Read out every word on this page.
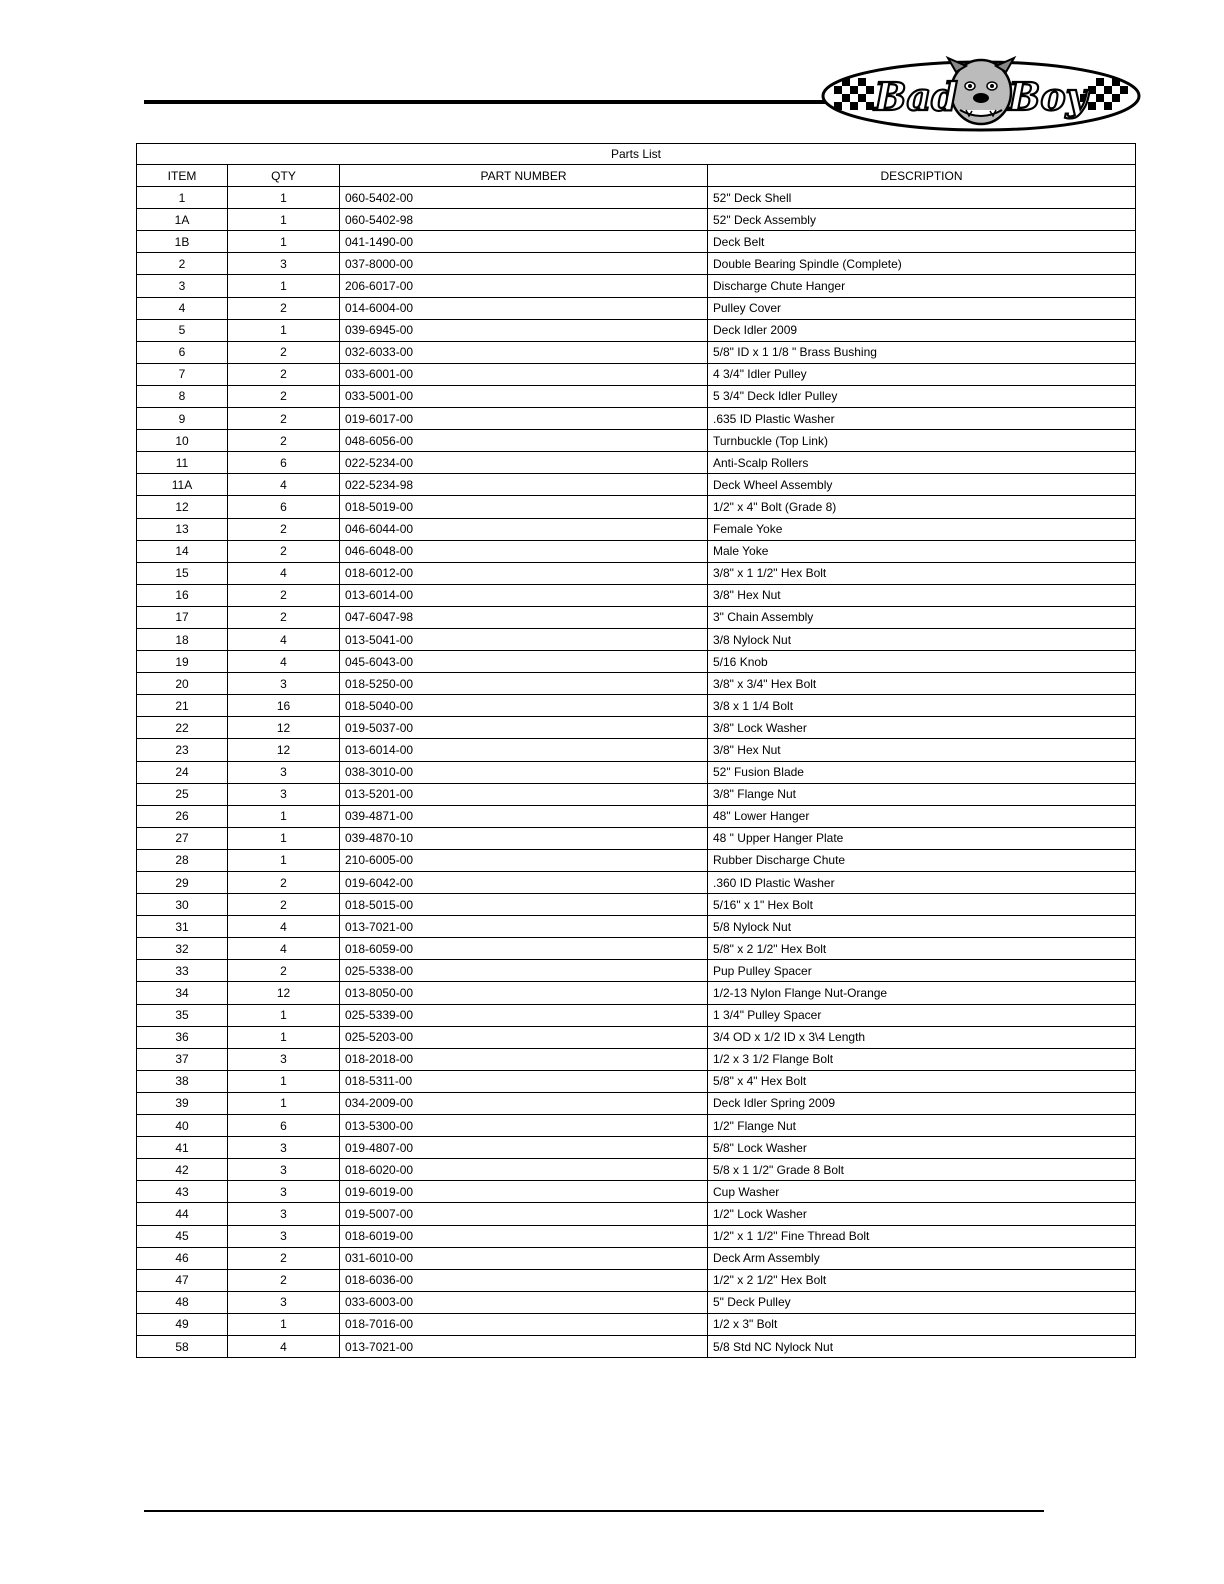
Bad Boy
Parts List			
ITEM	QTY	PART NUMBER	DESCRIPTION
1	1	060-5402-00	52" Deck Shell
1A	1	060-5402-98	52" Deck Assembly
1B	1	041-1490-00	Deck Belt
2	3	037-8000-00	Double Bearing Spindle (Complete)
3	1	206-6017-00	Discharge Chute Hanger
4	2	014-6004-00	Pulley Cover
5	1	039-6945-00	Deck Idler 2009
6	2	032-6033-00	5/8" ID x 1 1/8 " Brass Bushing
7	2	033-6001-00	4 3/4" Idler Pulley
8	2	033-5001-00	5 3/4" Deck Idler Pulley
9	2	019-6017-00	.635 ID Plastic Washer
10	2	048-6056-00	Turnbuckle (Top Link)
11	6	022-5234-00	Anti-Scalp Rollers
11A	4	022-5234-98	Deck Wheel Assembly
12	6	018-5019-00	1/2" x 4" Bolt (Grade 8)
13	2	046-6044-00	Female Yoke
14	2	046-6048-00	Male Yoke
15	4	018-6012-00	3/8" x 1 1/2" Hex Bolt
16	2	013-6014-00	3/8" Hex Nut
17	2	047-6047-98	3" Chain Assembly
18	4	013-5041-00	3/8 Nylock Nut
19	4	045-6043-00	5/16 Knob
20	3	018-5250-00	3/8" x 3/4" Hex Bolt
21	16	018-5040-00	3/8 x 1 1/4 Bolt
22	12	019-5037-00	3/8" Lock Washer
23	12	013-6014-00	3/8" Hex Nut
24	3	038-3010-00	52" Fusion Blade
25	3	013-5201-00	3/8" Flange Nut
26	1	039-4871-00	48" Lower Hanger
27	1	039-4870-10	48 " Upper Hanger Plate
28	1	210-6005-00	Rubber Discharge Chute
29	2	019-6042-00	.360 ID Plastic Washer
30	2	018-5015-00	5/16" x 1" Hex Bolt
31	4	013-7021-00	5/8 Nylock Nut
32	4	018-6059-00	5/8" x 2 1/2" Hex Bolt
33	2	025-5338-00	Pup Pulley Spacer
34	12	013-8050-00	1/2-13 Nylon Flange Nut-Orange
35	1	025-5339-00	1 3/4" Pulley Spacer
36	1	025-5203-00	3/4 OD x 1/2 ID x 3\4 Length
37	3	018-2018-00	1/2 x 3 1/2 Flange Bolt
38	1	018-5311-00	5/8" x 4" Hex Bolt
39	1	034-2009-00	Deck Idler Spring 2009
40	6	013-5300-00	1/2" Flange Nut
41	3	019-4807-00	5/8" Lock Washer
42	3	018-6020-00	5/8 x 1 1/2" Grade 8 Bolt
43	3	019-6019-00	Cup Washer
44	3	019-5007-00	1/2" Lock Washer
45	3	018-6019-00	1/2" x 1 1/2" Fine Thread Bolt
46	2	031-6010-00	Deck Arm Assembly
47	2	018-6036-00	1/2" x 2 1/2" Hex Bolt
48	3	033-6003-00	5" Deck Pulley
49	1	018-7016-00	1/2 x 3" Bolt
58	4	013-7021-00	5/8 Std NC Nylock Nut
